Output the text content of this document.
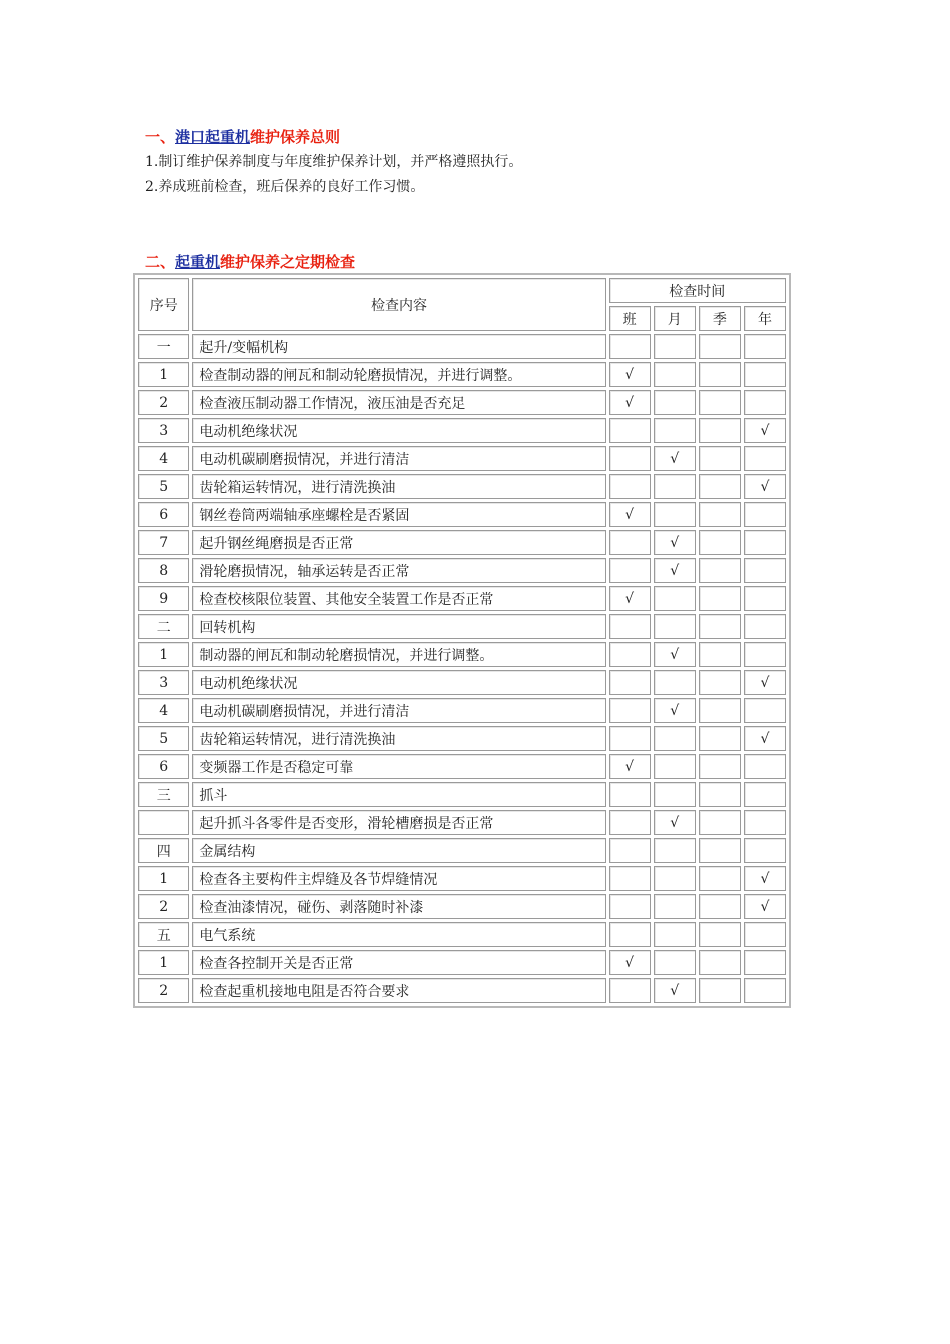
一、港口起重机维护保养总则
1.制订维护保养制度与年度维护保养计划，并严格遵照执行。
2.养成班前检查，班后保养的良好工作习惯。
二、起重机维护保养之定期检查
序号	检查内容	检查时间			
		班	月	季	年
一	起升/变幅机构				
1	检查制动器的闸瓦和制动轮磨损情况，并进行调整。	√			
2	检查液压制动器工作情况，液压油是否充足	√			
3	电动机绝缘状况				√
4	电动机碳刷磨损情况，并进行清洁		√		
5	齿轮箱运转情况，进行清洗换油				√
6	钢丝卷筒两端轴承座螺栓是否紧固	√			
7	起升钢丝绳磨损是否正常		√		
8	滑轮磨损情况，轴承运转是否正常		√		
9	检查校核限位装置、其他安全装置工作是否正常	√			
二	回转机构				
1	制动器的闸瓦和制动轮磨损情况，并进行调整。		√		
3	电动机绝缘状况				√
4	电动机碳刷磨损情况，并进行清洁		√		
5	齿轮箱运转情况，进行清洗换油				√
6	变频器工作是否稳定可靠	√			
三	抓斗				
	起升抓斗各零件是否变形，滑轮槽磨损是否正常		√		
四	金属结构				
1	检查各主要构件主焊缝及各节焊缝情况				√
2	检查油漆情况，碰伤、剥落随时补漆				√
五	电气系统				
1	检查各控制开关是否正常	√			
2	检查起重机接地电阻是否符合要求		√		
